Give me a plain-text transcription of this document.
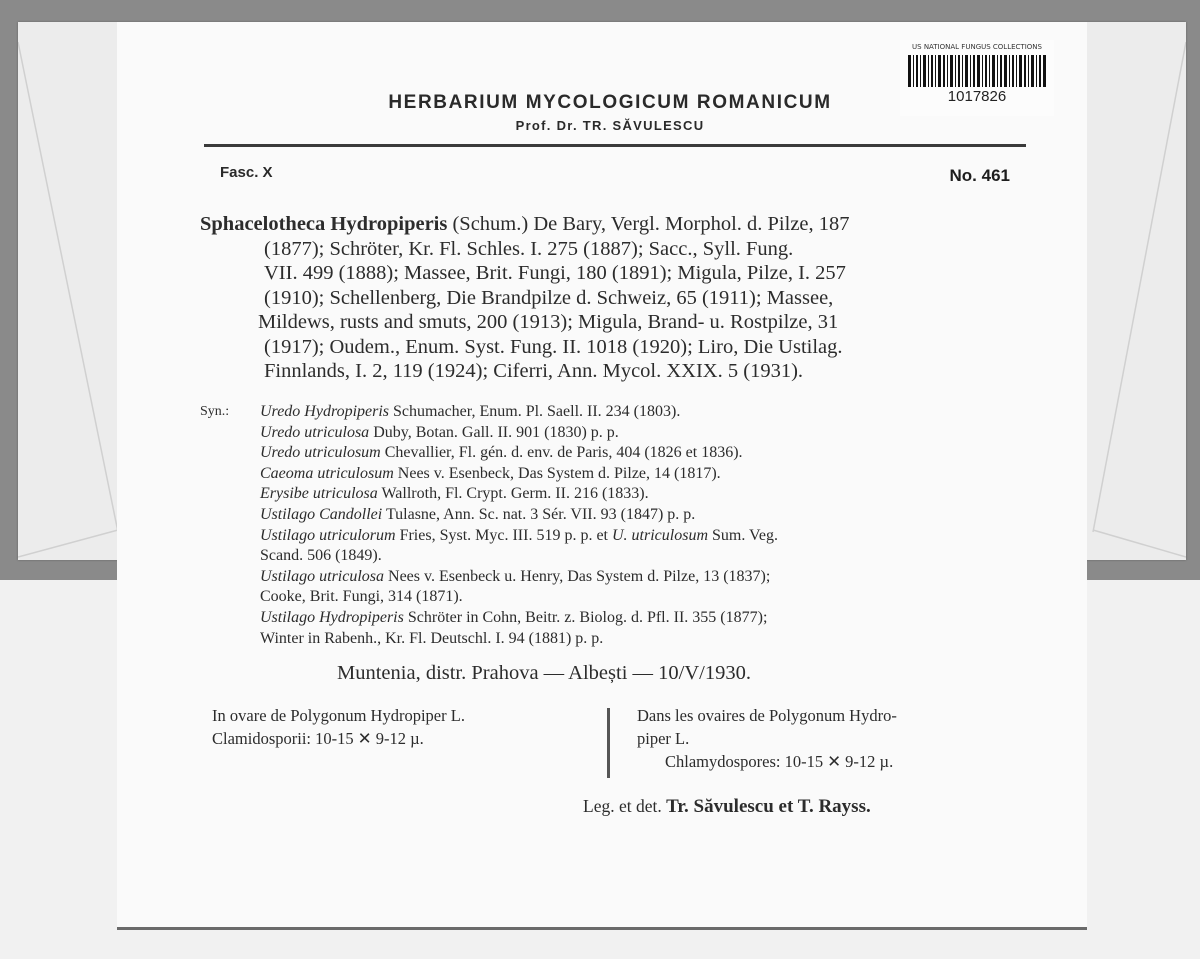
US NATIONAL FUNGUS COLLECTIONS
1017826
HERBARIUM MYCOLOGICUM ROMANICUM
Prof. Dr. TR. SĂVULESCU
Fasc. X	No. 461
Sphacelotheca Hydropiperis (Schum.) De Bary, Vergl. Morphol. d. Pilze, 187
(1877); Schröter, Kr. Fl. Schles. I. 275 (1887); Sacc., Syll. Fung.
VII. 499 (1888); Massee, Brit. Fungi, 180 (1891); Migula, Pilze, I. 257
(1910); Schellenberg, Die Brandpilze d. Schweiz, 65 (1911); Massee,
Mildews, rusts and smuts, 200 (1913); Migula, Brand- u. Rostpilze, 31
(1917); Oudem., Enum. Syst. Fung. II. 1018 (1920); Liro, Die Ustilag.
Finnlands, I. 2, 119 (1924); Ciferri, Ann. Mycol. XXIX. 5 (1931).
Syn.: Uredo Hydropiperis Schumacher, Enum. Pl. Saell. II. 234 (1803).
Uredo utriculosa Duby, Botan. Gall. II. 901 (1830) p. p.
Uredo utriculosum Chevallier, Fl. gén. d. env. de Paris, 404 (1826 et 1836).
Caeoma utriculosum Nees v. Esenbeck, Das System d. Pilze, 14 (1817).
Erysibe utriculosa Wallroth, Fl. Crypt. Germ. II. 216 (1833).
Ustilago Candollei Tulasne, Ann. Sc. nat. 3 Sér. VII. 93 (1847) p. p.
Ustilago utriculorum Fries, Syst. Myc. III. 519 p. p. et U. utriculosum Sum. Veg.
Scand. 506 (1849).
Ustilago utriculosa Nees v. Esenbeck u. Henry, Das System d. Pilze, 13 (1837);
Cooke, Brit. Fungi, 314 (1871).
Ustilago Hydropiperis Schröter in Cohn, Beitr. z. Biolog. d. Pfl. II. 355 (1877);
Winter in Rabenh., Kr. Fl. Deutschl. I. 94 (1881) p. p.
Muntenia, distr. Prahova — Albești — 10/V/1930.
In ovare de Polygonum Hydropiper L.
Clamidosporii: 10-15 ✕ 9-12 µ.
Dans les ovaires de Polygonum Hydro-
piper L.
Chlamydospores: 10-15 ✕ 9-12 µ.
Leg. et det. Tr. Săvulescu et T. Rayss.
